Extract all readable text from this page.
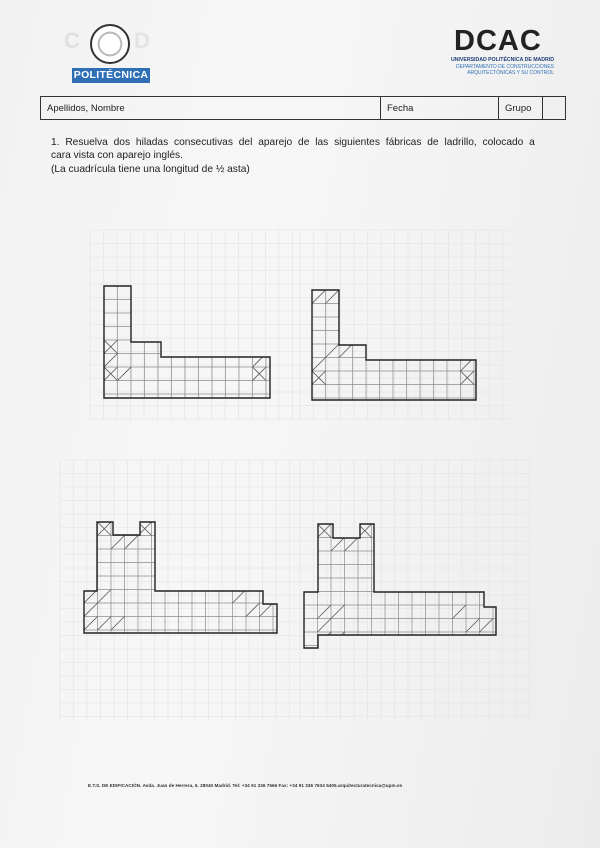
C D
POLITÉCNICA
DCAC
UNIVERSIDAD POLITÉCNICA DE MADRID
DEPARTAMENTO DE CONSTRUCCIONES ARQUITECTÓNICAS Y SU CONTROL
Apellidos, Nombre	Fecha	Grupo
1. Resuelva dos hiladas consecutivas del aparejo de las siguientes fábricas de ladrillo, colocado a
cara vista con aparejo inglés.
(La cuadrícula tiene una longitud de ½ asta)
E.T.S. DE EDIFICACIÓN. Avda. Juan de Herrera, 6. 28040 Madrid. Tel: +34 91 336 7566 Fax: +34 91 336 7634 5405.arquitecturatecnica@upm.es
